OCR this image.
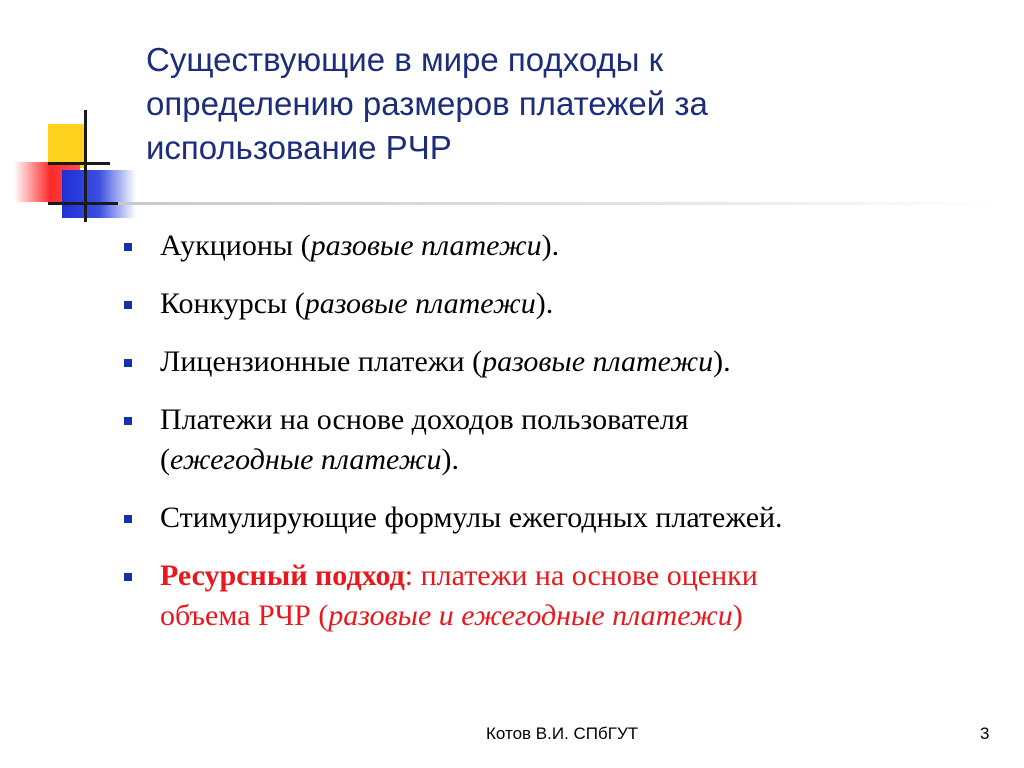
Существующие в мире подходы к
определению размеров платежей за
использование РЧР
Аукционы (разовые платежи).
Конкурсы (разовые платежи).
Лицензионные платежи (разовые платежи).
Платежи на основе доходов пользователя
(ежегодные платежи).
Стимулирующие формулы ежегодных платежей.
Ресурсный подход: платежи на основе оценки
объема РЧР (разовые и ежегодные платежи)
Котов В.И. СПбГУТ	3
